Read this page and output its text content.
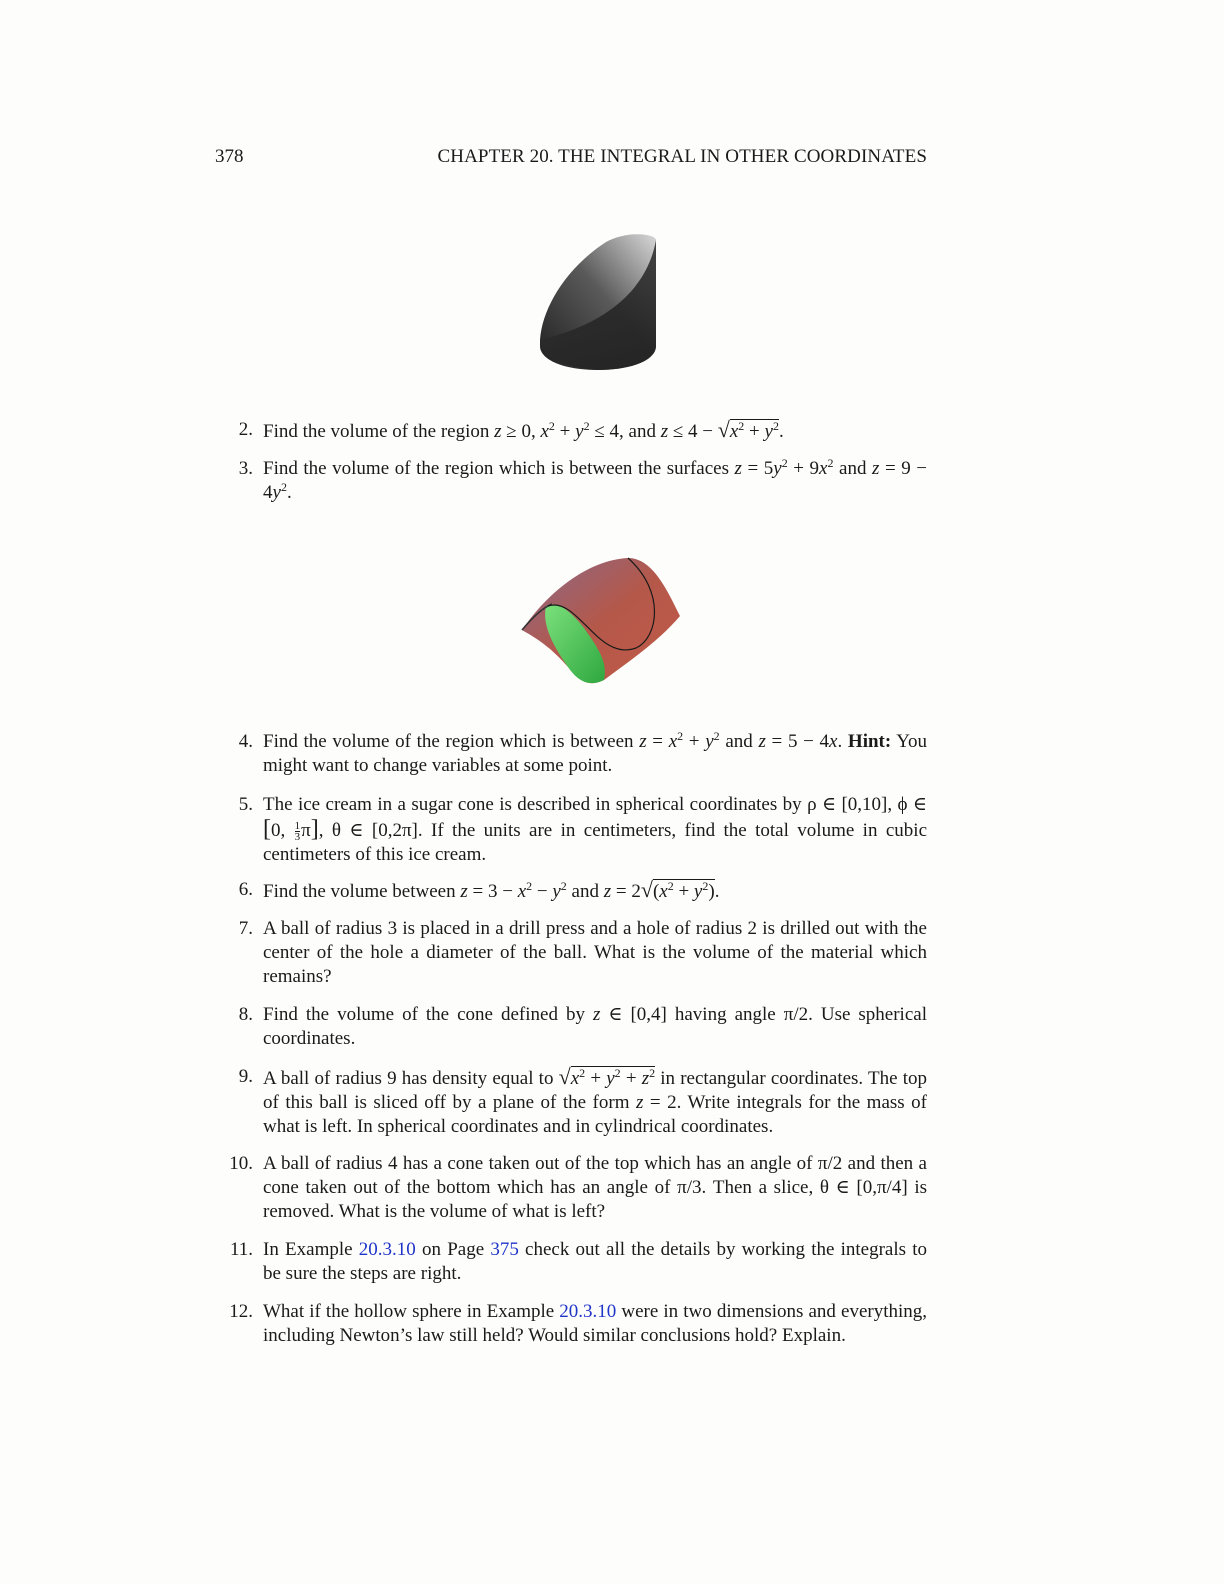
378	CHAPTER 20. THE INTEGRAL IN OTHER COORDINATES
2. Find the volume of the region z ≥ 0, $x^2 + y^2 \le 4$, and $z \le 4 - √x^2 + y^2$.
3. Find the volume of the region which is between the surfaces $z = 5y^2 + 9x^2$ and $z = 9 - 4y^2$.
4. Find the volume of the region which is between $z = x^2 + y^2$ and z = 5 − 4x. Hint: You might want to change variables at some point.
5. The ice cream in a sugar cone is described in spherical coordinates by ρ ∈ [0,10], ϕ ∈ [0, $\frac{1}{3} \pi$], θ ∈ [0,2π]. If the units are in centimeters, find the total volume in cubic centimeters of this ice cream.
6. Find the volume between $z = 3 - x^2 - y^2$ and $z = 2√(x^2 + y^2)$.
7. A ball of radius 3 is placed in a drill press and a hole of radius 2 is drilled out with the center of the hole a diameter of the ball. What is the volume of the material which remains?
8. Find the volume of the cone defined by z ∈ [0,4] having angle π/2. Use spherical coordinates.
9. A ball of radius 9 has density equal to $√x^2 + y^2 + z^2$ in rectangular coordinates. The top of this ball is sliced off by a plane of the form z = 2. Write integrals for the mass of what is left. In spherical coordinates and in cylindrical coordinates.
10. A ball of radius 4 has a cone taken out of the top which has an angle of π/2 and then a cone taken out of the bottom which has an angle of π/3. Then a slice, θ ∈ [0,π/4] is removed. What is the volume of what is left?
11. In Example 20.3.10 on Page 375 check out all the details by working the integrals to be sure the steps are right.
12. What if the hollow sphere in Example 20.3.10 were in two dimensions and everything, including Newton’s law still held? Would similar conclusions hold? Explain.
